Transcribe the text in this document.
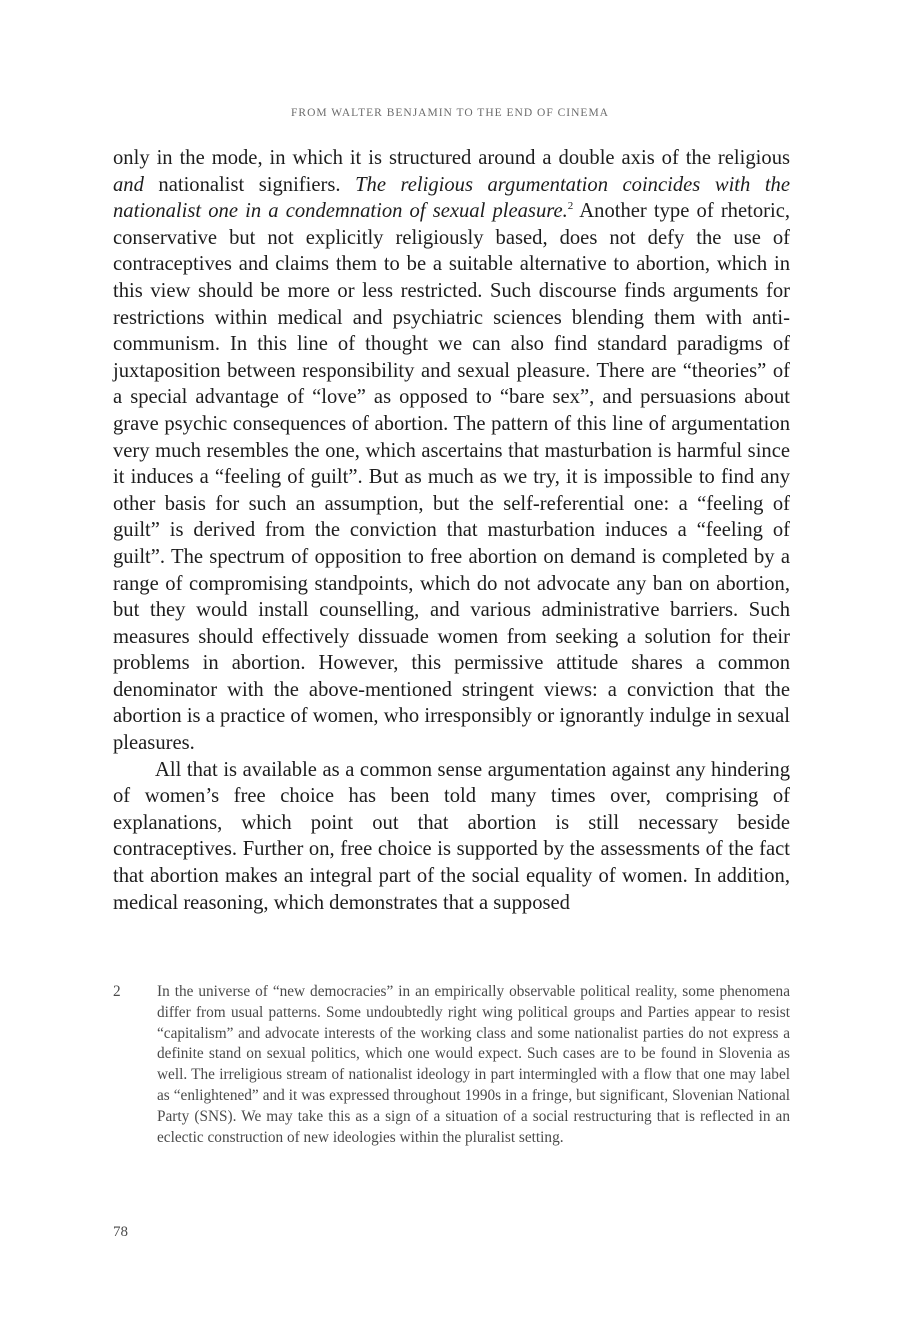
FROM WALTER BENJAMIN TO THE END OF CINEMA

only in the mode, in which it is structured around a double axis of the religious and nationalist signifiers. The religious argumentation coincides with the nationalist one in a condemnation of sexual pleasure.$^2$ Another type of rhetoric, conservative but not explicitly religiously based, does not defy the use of contraceptives and claims them to be a suitable alternative to abortion, which in this view should be more or less restricted. Such discourse finds arguments for restrictions within medical and psychiatric sciences blending them with anti-communism. In this line of thought we can also find standard paradigms of juxtaposition between responsibility and sexual pleasure. There are “theories” of a special advantage of “love” as opposed to “bare sex”, and persuasions about grave psychic consequences of abortion. The pattern of this line of argumentation very much resembles the one, which ascertains that masturbation is harmful since it induces a “feeling of guilt”. But as much as we try, it is impossible to find any other basis for such an assumption, but the self-referential one: a “feeling of guilt” is derived from the conviction that masturbation induces a “feeling of guilt”. The spectrum of opposition to free abortion on demand is completed by a range of compromising standpoints, which do not advocate any ban on abortion, but they would install counselling, and various administrative barriers. Such measures should effectively dissuade women from seeking a solution for their problems in abortion. However, this permissive attitude shares a common denominator with the above-mentioned stringent views: a conviction that the abortion is a practice of women, who irresponsibly or ignorantly indulge in sexual pleasures.

All that is available as a common sense argumentation against any hindering of women’s free choice has been told many times over, comprising of explanations, which point out that abortion is still necessary beside contraceptives. Further on, free choice is supported by the assessments of the fact that abortion makes an integral part of the social equality of women. In addition, medical reasoning, which demonstrates that a supposed

2	In the universe of “new democracies” in an empirically observable political reality, some phenomena differ from usual patterns. Some undoubtedly right wing political groups and Parties appear to resist “capitalism” and advocate interests of the working class and some nationalist parties do not express a definite stand on sexual politics, which one would expect. Such cases are to be found in Slovenia as well. The irreligious stream of nationalist ideology in part intermingled with a flow that one may label as “enlightened” and it was expressed throughout 1990s in a fringe, but significant, Slovenian National Party (SNS). We may take this as a sign of a situation of a social restructuring that is reflected in an eclectic construction of new ideologies within the pluralist setting.
78
